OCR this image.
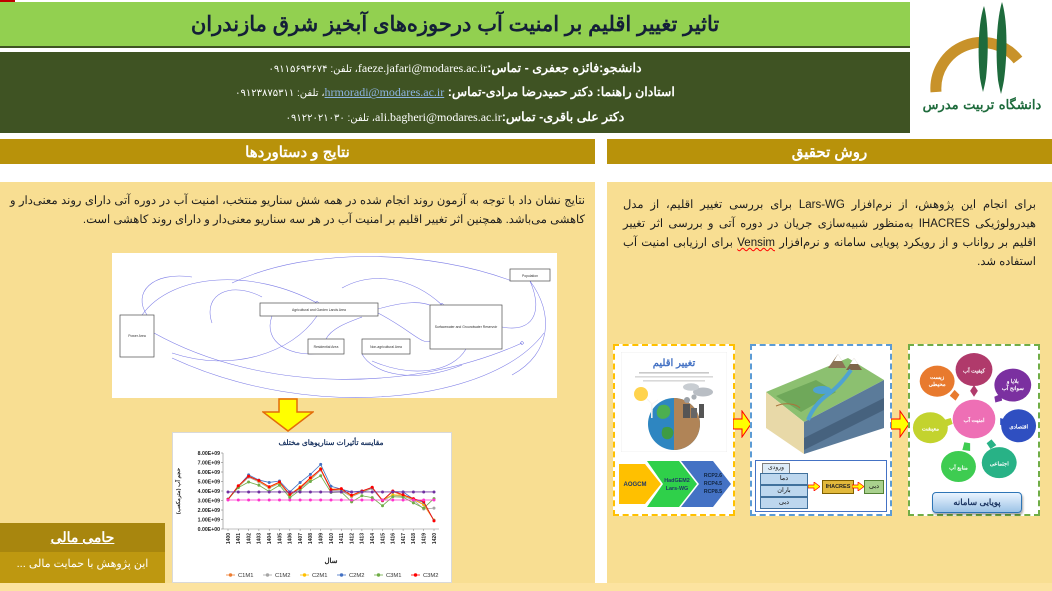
تاثیر تغییر اقلیم بر امنیت آب درحوزه‌های آبخیز شرق مازندران
دانشگاه تربیت مدرس
دانشجو:فائزه جعفری - تماس:faeze.jafari@modares.ac.ir، تلفن: ۰۹۱۱۵۶۹۳۶۷۴
استادان راهنما: دکتر حمیدرضا مرادی-تماس: hrmoradi@modares.ac.ir، تلفن: ۰۹۱۲۳۸۷۵۳۱۱
دکتر علی باقری- تماس:ali.bagheri@modares.ac.ir، تلفن: ۰۹۱۲۲۰۲۱۰۳۰
نتایج و دستاوردها	روش تحقیق
نتایج نشان داد با توجه به آزمون روند انجام شده در همه شش سناریو منتخب، امنیت آب در دوره آتی دارای روند معنی‌دار و کاهشی می‌باشد. همچنین اثر تغییر اقلیم بر امنیت آب در هر سه سناریو معنی‌دار و دارای روند کاهشی است.
Power Area
Agricultural and Garden Lands Area
Residential Area	Non-agricultural Area
Surfacewater and Groundwater Reservoir
Population
مقایسه تأثیرات سناریوهای مختلف
حجم آب (مترمکعب)
0.00E+00
1.00E+09
2.00E+09
3.00E+09
4.00E+09
5.00E+09
6.00E+09
7.00E+09
8.00E+09
1400 1401 1402 1403 1404 1405 1406 1407 1408 1409 1410 1411 1412 1413 1414 1415 1416 1417 1418 1419 1420
سال
C1M1	C1M2	C2M1	C2M2	C3M1	C3M2
حامی مالی
این پژوهش با حمایت مالی ...
برای انجام این پژوهش، از نرم‌افزار Lars-WG برای بررسی تغییر اقلیم، از مدل هیدرولوژیکی IHACRES به‌منظور شبیه‌سازی جریان در دوره آتی و بررسی اثر تغییر اقلیم بر رواناب و از رویکرد پویایی سامانه و نرم‌افزار Vensim برای ارزیابی امنیت آب استفاده شد.
تغییر اقلیم
AOGCM
HadGEM2
Lars-WG
RCP2.6
RCP4.5
RCP8.5
ورودی
دما
باران
دبی
IHACRES	دبی
کیفیت آب
بلایا و
سوانح آب
اقتصادی
اجتماعی
منابع آب
معیشت
زیست
محیطی
امنیت آب
پویایی سامانه
